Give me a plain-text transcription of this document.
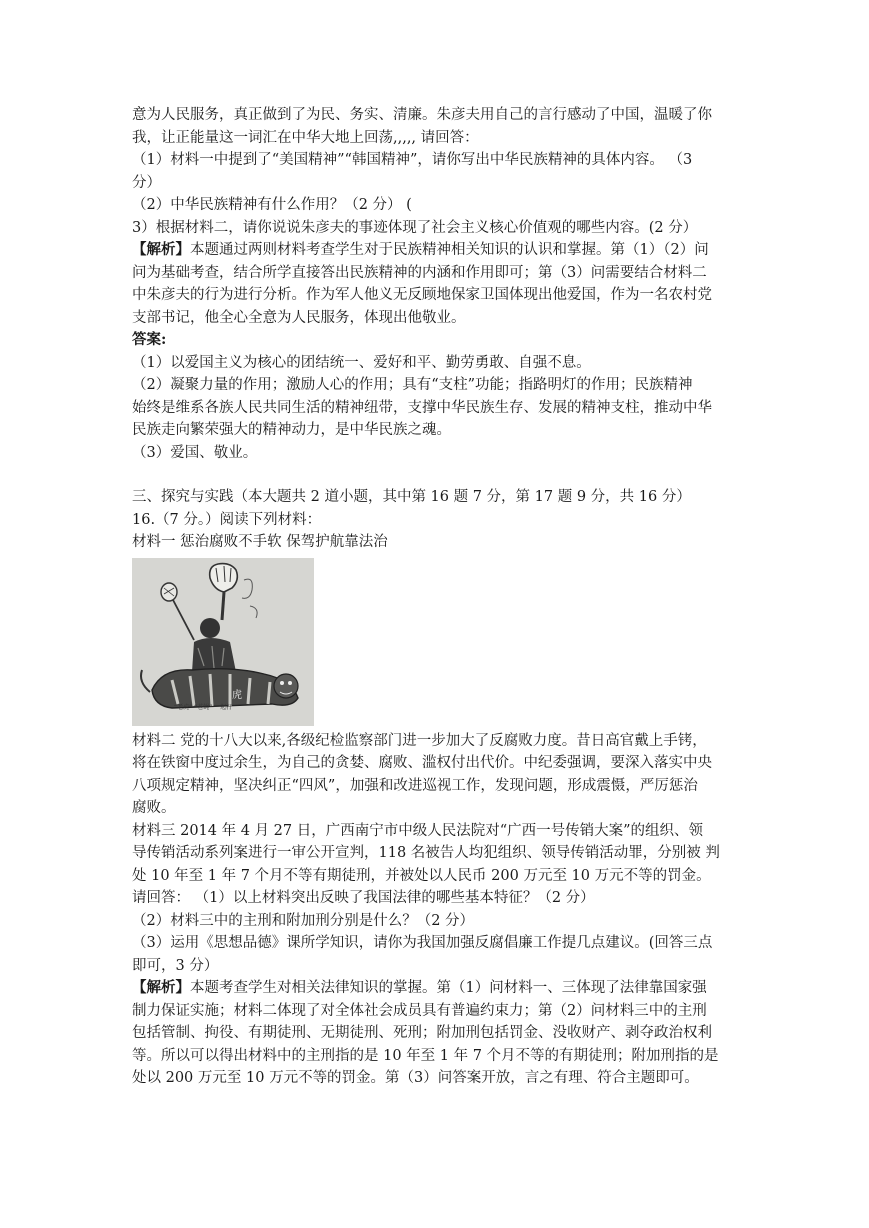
意为人民服务，真正做到了为民、务实、清廉。朱彦夫用自己的言行感动了中国，温暖了你

我，让正能量这一词汇在中华大地上回荡,,,,, 请回答：

（1）材料一中提到了“美国精神”“韩国精神”，请你写出中华民族精神的具体内容。 （3

分）

（2）中华民族精神有什么作用？（2 分） (

3）根据材料二，请你说说朱彦夫的事迹体现了社会主义核心价值观的哪些内容。(2 分）

【解析】本题通过两则材料考查学生对于民族精神相关知识的认识和掌握。第（1）（2）问

问为基础考查，结合所学直接答出民族精神的内涵和作用即可；第（3）问需要结合材料二

中朱彦夫的行为进行分析。作为军人他义无反顾地保家卫国体现出他爱国，作为一名农村党

支部书记，他全心全意为人民服务，体现出他敬业。

答案:

（1）以爱国主义为核心的团结统一、爱好和平、勤劳勇敢、自强不息。

（2）凝聚力量的作用；激励人心的作用；具有“支柱”功能；指路明灯的作用；民族精神

始终是维系各族人民共同生活的精神纽带，支撑中华民族生存、发展的精神支柱，推动中华

民族走向繁荣强大的精神动力，是中华民族之魂。

（3）爱国、敬业。

三、探究与实践（本大题共 2 道小题，其中第 16 题 7 分，第 17 题 9 分，共 16 分）

16.（7 分。）阅读下列材料：

材料一 惩治腐败不手软 保驾护航靠法治

虎
“老虎” “苍蝇” 一起打

材料二 党的十八大以来,各级纪检监察部门进一步加大了反腐败力度。昔日高官戴上手铐，

将在铁窗中度过余生，为自己的贪婪、腐败、滥权付出代价。中纪委强调，要深入落实中央

八项规定精神，坚决纠正“四风”，加强和改进巡视工作，发现问题，形成震慑，严厉惩治

腐败。

材料三 2014 年 4 月 27 日，广西南宁市中级人民法院对“广西一号传销大案”的组织、领

导传销活动系列案进行一审公开宣判，118 名被告人均犯组织、领导传销活动罪，分别被 判

处 10 年至 1 年 7 个月不等有期徒刑，并被处以人民币 200 万元至 10 万元不等的罚金。

请回答： （1）以上材料突出反映了我国法律的哪些基本特征？（2 分）

（2）材料三中的主刑和附加刑分别是什么？（2 分）

（3）运用《思想品德》课所学知识，请你为我国加强反腐倡廉工作提几点建议。(回答三点

即可，3 分）

【解析】本题考查学生对相关法律知识的掌握。第（1）问材料一、三体现了法律靠国家强

制力保证实施；材料二体现了对全体社会成员具有普遍约束力；第（2）问材料三中的主刑

包括管制、拘役、有期徒刑、无期徒刑、死刑；附加刑包括罚金、没收财产、剥夺政治权利

等。所以可以得出材料中的主刑指的是 10 年至 1 年 7 个月不等的有期徒刑；附加刑指的是

处以 200 万元至 10 万元不等的罚金。第（3）问答案开放，言之有理、符合主题即可。
